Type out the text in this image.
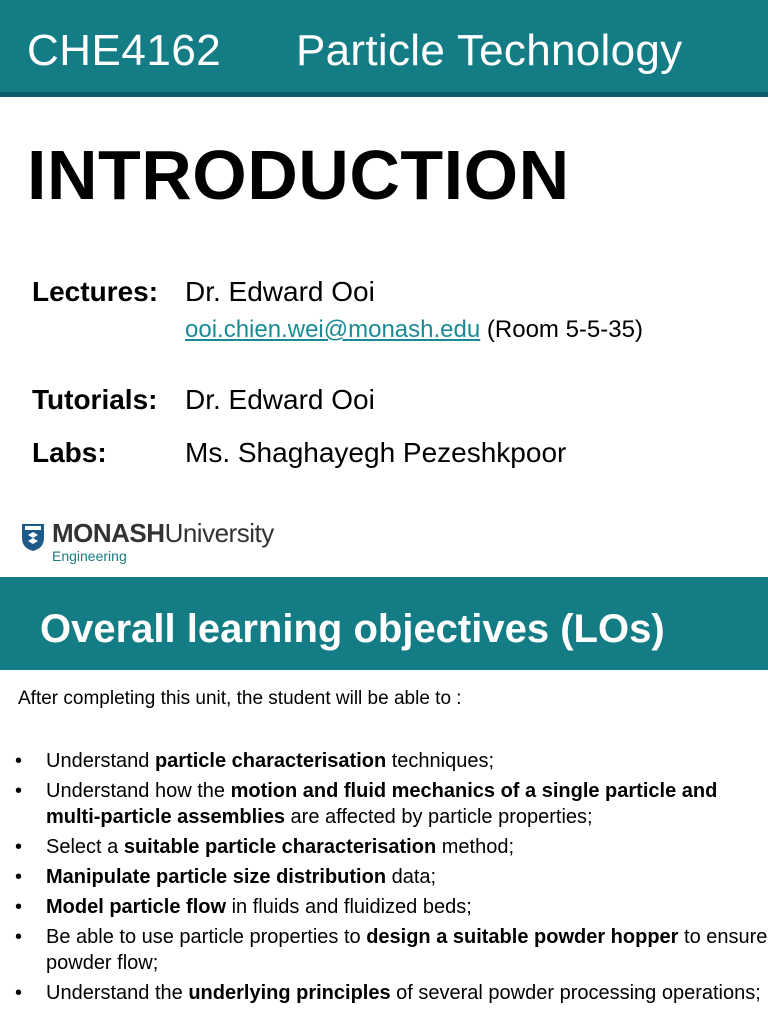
CHE4162 Particle Technology
INTRODUCTION
Lectures: Dr. Edward Ooi
ooi.chien.wei@monash.edu (Room 5-5-35)
Tutorials: Dr. Edward Ooi
Labs:	Ms. Shaghayegh Pezeshkpoor
MONASHUniversity
Engineering
Overall learning objectives (LOs)
After completing this unit, the student will be able to :
• Understand particle characterisation techniques;
• Understand how the motion and fluid mechanics of a single particle and multi-particle assemblies are affected by particle properties;
• Select a suitable particle characterisation method;
• Manipulate particle size distribution data;
• Model particle flow in fluids and fluidized beds;
• Be able to use particle properties to design a suitable powder hopper to ensure powder flow;
• Understand the underlying principles of several powder processing operations;
